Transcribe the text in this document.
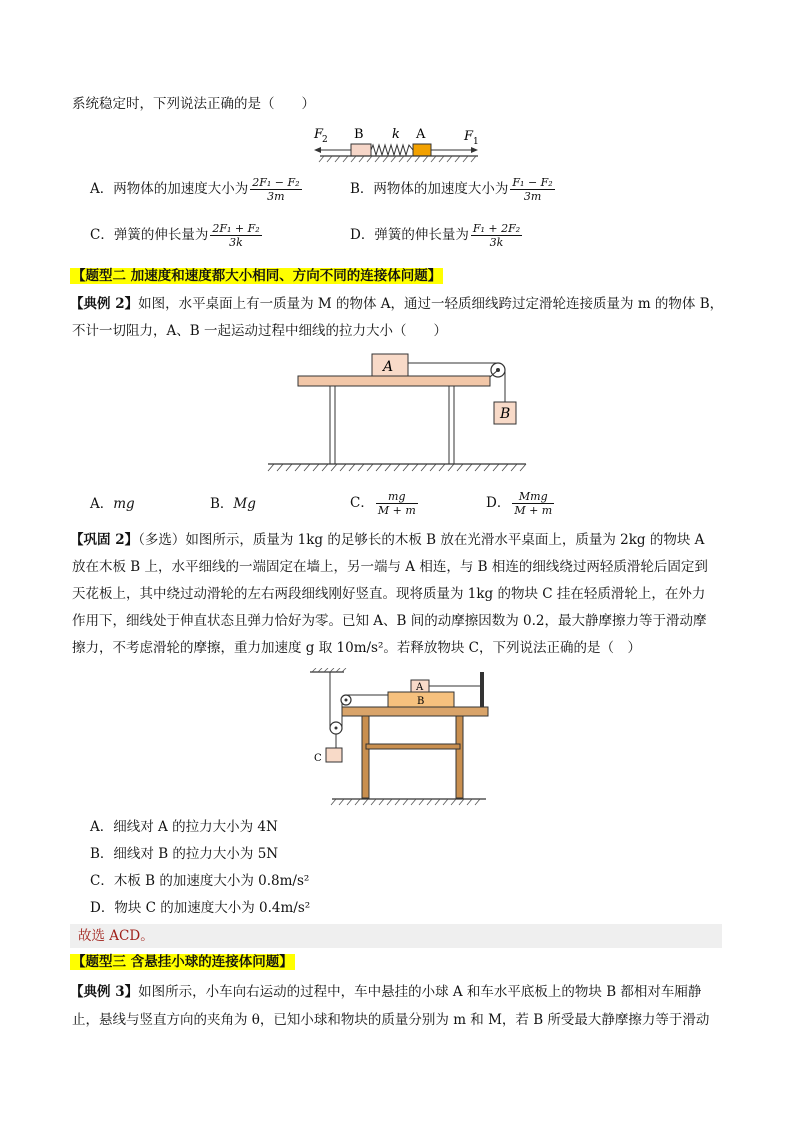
系统稳定时，下列说法正确的是（　　）
F
2 B k A	F 1
A．两物体的加速度大小为 $\frac{\text{2F₁ − F₂}}{3m}$	B．两物体的加速度大小为 $\frac{\text{F₁ − F₂}}{3m}$
C．弹簧的伸长量为 $\frac{\text{2F₁ + F₂}}{3k}$	D．弹簧的伸长量为 $\frac{\text{F₁ + 2F₂}}{3k}$
【题型二 加速度和速度都大小相同、方向不同的连接体问题】
【典例 2】如图，水平桌面上有一质量为 M 的物体 A，通过一轻质细线跨过定滑轮连接质量为 m 的物体 B，
不计一切阻力，A、B 一起运动过程中细线的拉力大小（　　）
A
B
A．mg	B．Mg	C． $\frac{mg}{M + m}$	D． $\frac{\text{Mmg}}{M + m}$
【巩固 2】（多选）如图所示，质量为 1kg 的足够长的木板 B 放在光滑水平桌面上，质量为 2kg 的物块 A
放在木板 B 上，水平细线的一端固定在墙上，另一端与 A 相连，与 B 相连的细线绕过两轻质滑轮后固定到
天花板上，其中绕过动滑轮的左右两段细线刚好竖直。现将质量为 1kg 的物块 C 挂在轻质滑轮上，在外力
作用下，细线处于伸直状态且弹力恰好为零。已知 A、B 间的动摩擦因数为 0.2，最大静摩擦力等于滑动摩
擦力，不考虑滑轮的摩擦，重力加速度 g 取 10m/s²。若释放物块 C，下列说法正确的是（　）
C
B
A
A．细线对 A 的拉力大小为 4N
B．细线对 B 的拉力大小为 5N
C．木板 B 的加速度大小为 0.8m/s²
D．物块 C 的加速度大小为 0.4m/s²
故选 ACD。
【题型三 含悬挂小球的连接体问题】
【典例 3】如图所示，小车向右运动的过程中，车中悬挂的小球 A 和车水平底板上的物块 B 都相对车厢静
止，悬线与竖直方向的夹角为 θ，已知小球和物块的质量分别为 m 和 M，若 B 所受最大静摩擦力等于滑动
